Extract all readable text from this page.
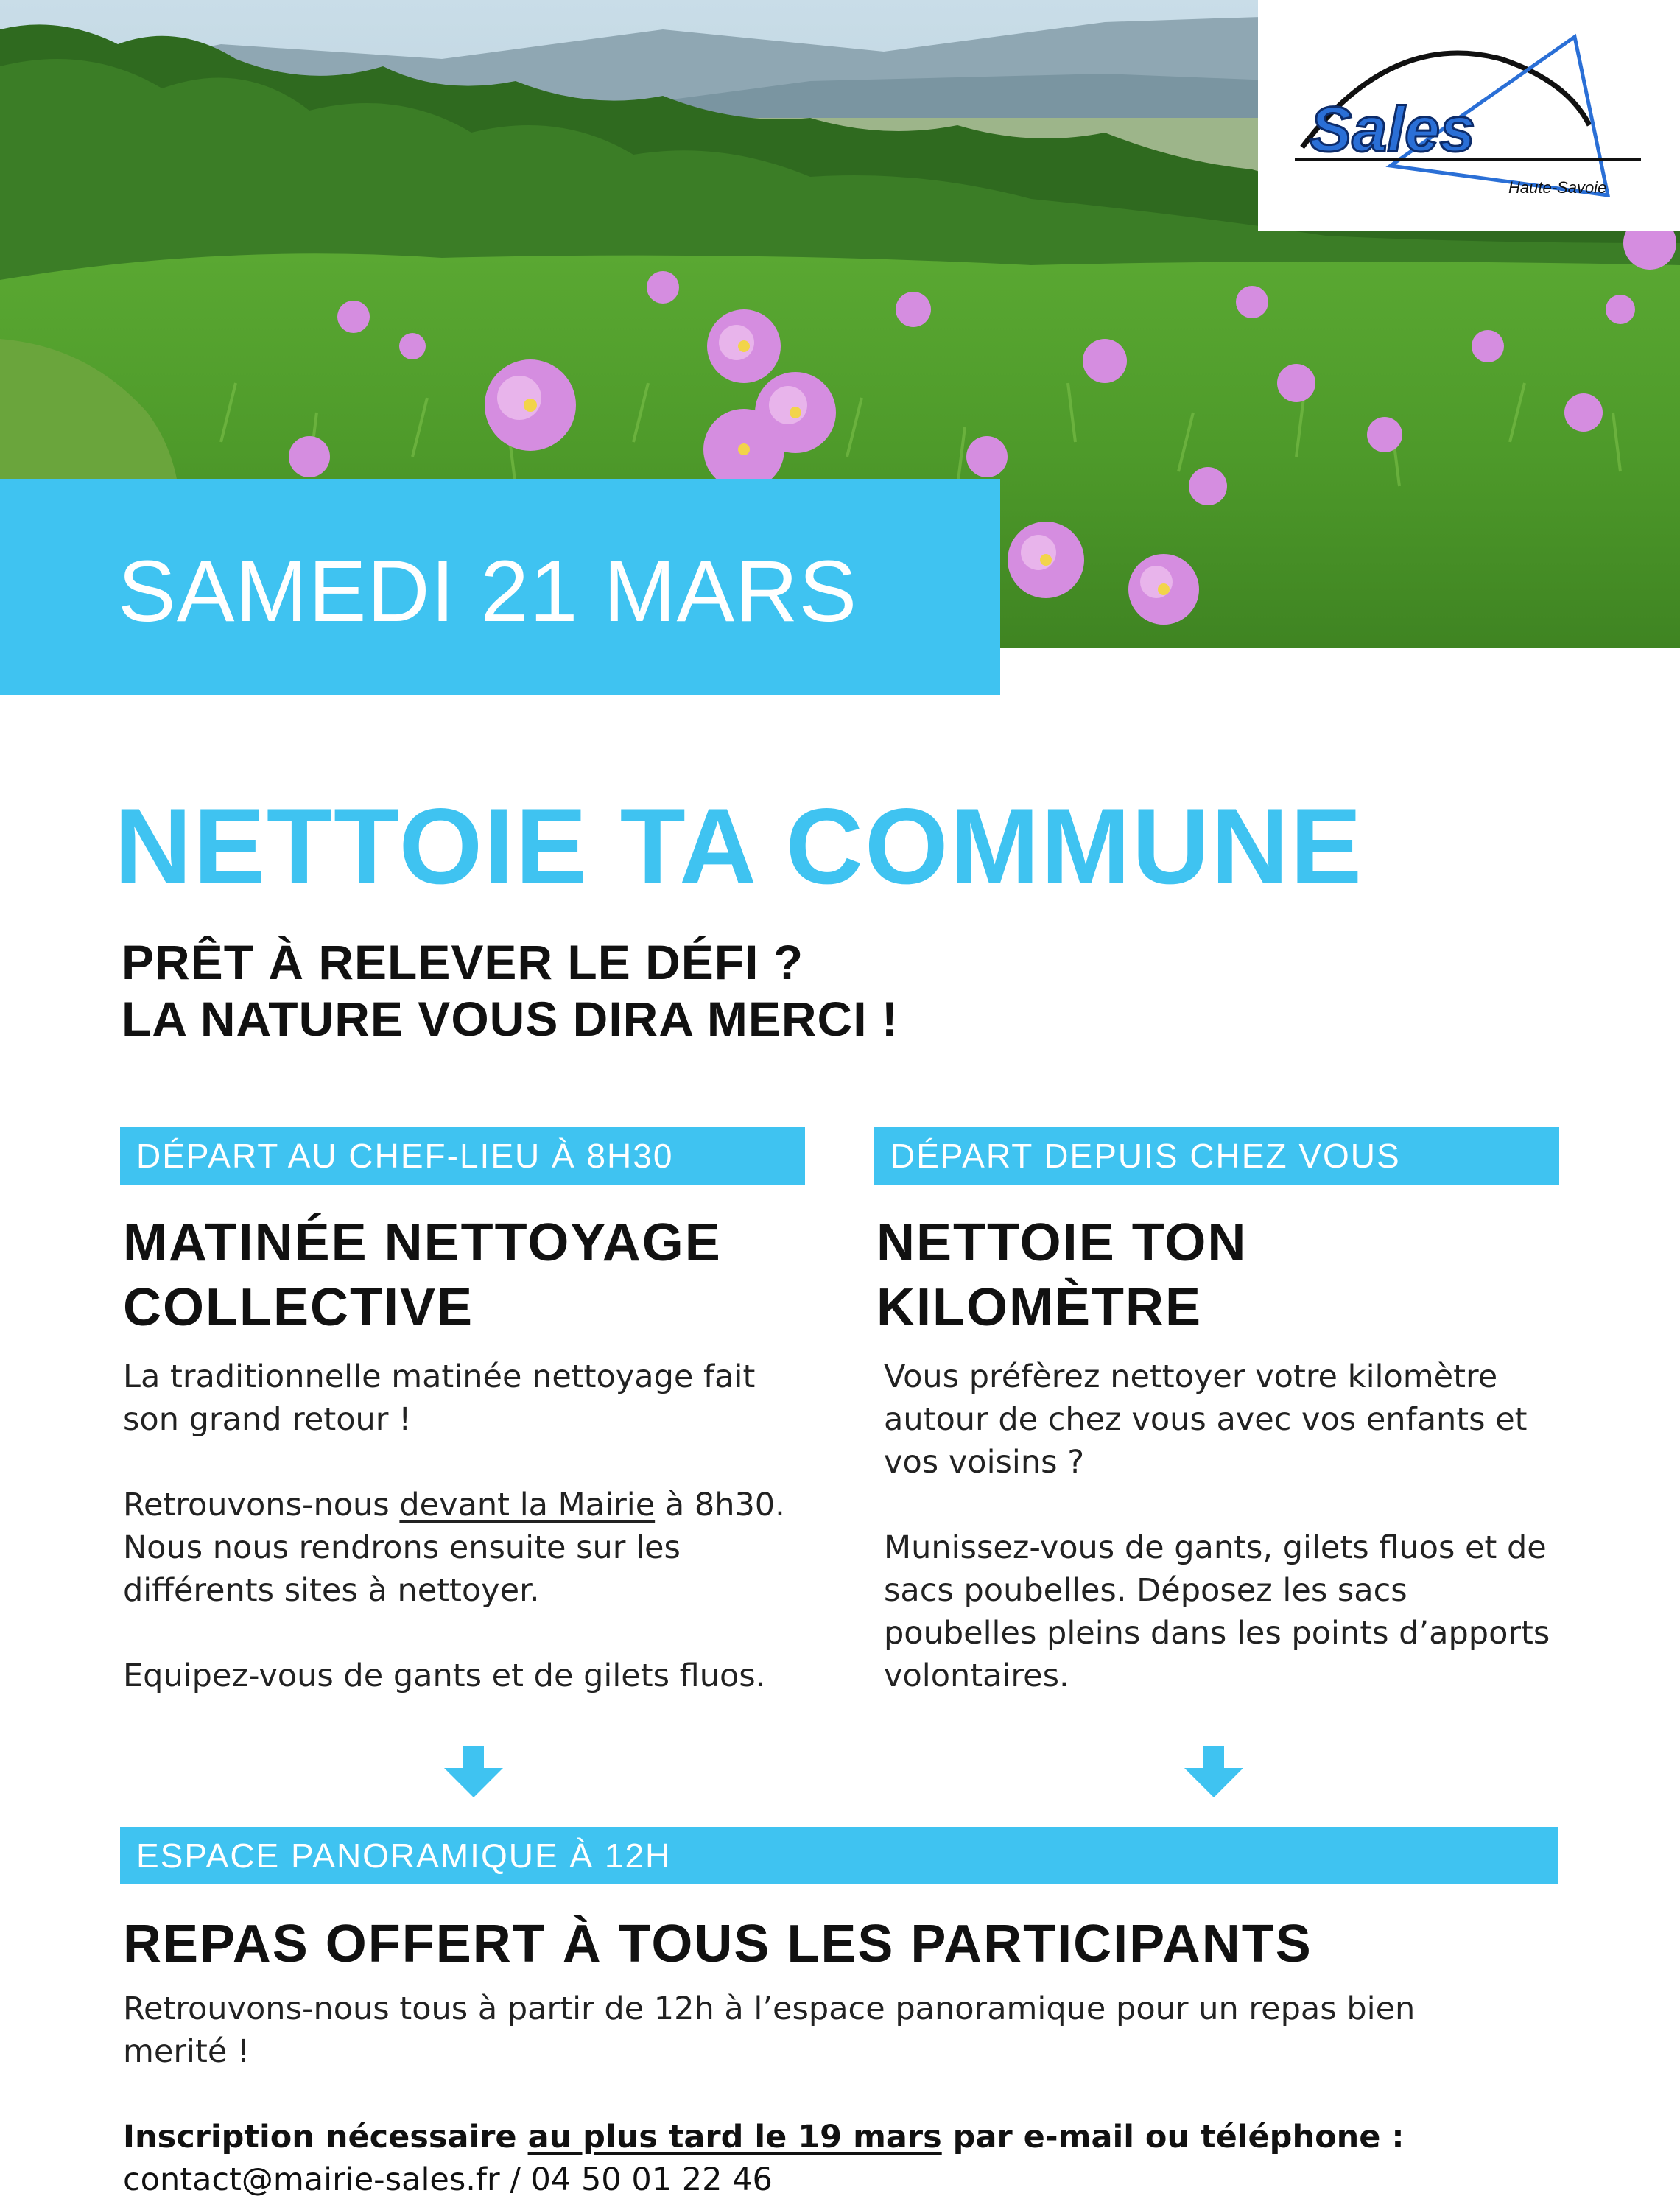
Sales
Haute-Savoie
SAMEDI 21 MARS
NETTOIE TA COMMUNE
PRÊT À RELEVER LE DÉFI ?
LA NATURE VOUS DIRA MERCI !
DÉPART AU CHEF-LIEU À 8H30
MATINÉE NETTOYAGE COLLECTIVE

La traditionnelle matinée nettoyage fait son grand retour !

Retrouvons-nous devant la Mairie à 8h30. Nous nous rendrons ensuite sur les différents sites à nettoyer.

Equipez-vous de gants et de gilets fluos.

DÉPART DEPUIS CHEZ VOUS
NETTOIE TON KILOMÈTRE

Vous préfèrez nettoyer votre kilomètre autour de chez vous avec vos enfants et vos voisins ?

Munissez-vous de gants, gilets fluos et de sacs poubelles. Déposez les sacs poubelles pleins dans les points d’apports volontaires.

ESPACE PANORAMIQUE À 12H
REPAS OFFERT À TOUS LES PARTICIPANTS
Retrouvons-nous tous à partir de 12h à l’espace panoramique pour un repas bien merité !
Inscription nécessaire au plus tard le 19 mars par e-mail ou téléphone :
contact@mairie-sales.fr / 04 50 01 22 46
